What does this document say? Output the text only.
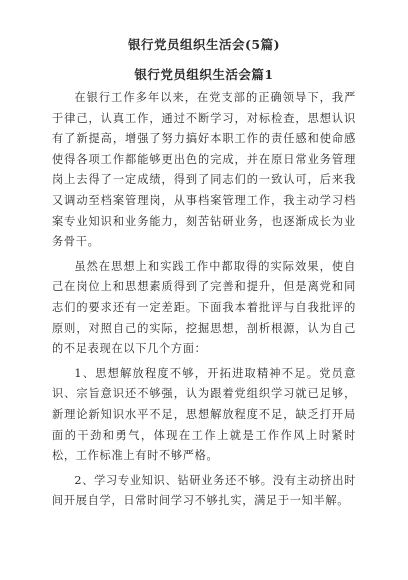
银行党员组织生活会(5篇)
银行党员组织生活会篇1

在银行工作多年以来，在党支部的正确领导下，我严于律己，认真工作，通过不断学习，对标检查，思想认识有了新提高，增强了努力搞好本职工作的责任感和使命感使得各项工作都能够更出色的完成，并在原日常业务管理岗上去得了一定成绩，得到了同志们的一致认可，后来我又调动至档案管理岗，从事档案管理工作，我主动学习档案专业知识和业务能力，刻苦钻研业务，也逐渐成长为业务骨干。

虽然在思想上和实践工作中都取得的实际效果，使自己在岗位上和思想素质得到了完善和提升，但是离党和同志们的要求还有一定差距。下面我本着批评与自我批评的原则，对照自己的实际，挖掘思想，剖析根源，认为自己的不足表现在以下几个方面：

1、思想解放程度不够，开拓进取精神不足。党员意识、宗旨意识还不够强，认为跟着党组织学习就已足够，新理论新知识水平不足，思想解放程度不足，缺乏打开局面的干劲和勇气，体现在工作上就是工作作风上时紧时松，工作标准上有时不够严格。

2、学习专业知识、钻研业务还不够。没有主动挤出时间开展自学，日常时间学习不够扎实，满足于一知半解。
